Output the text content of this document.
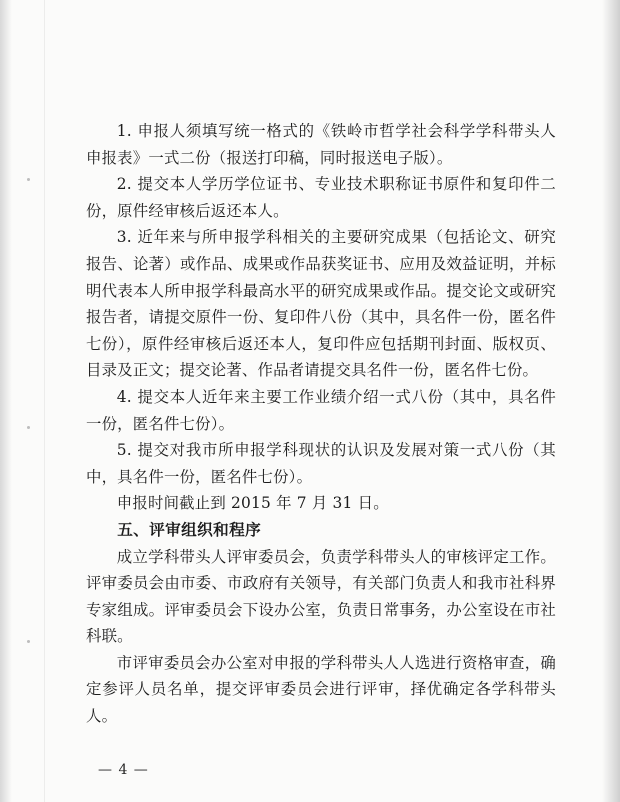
1. 申报人须填写统一格式的《铁岭市哲学社会科学学科带头人申报表》一式二份（报送打印稿，同时报送电子版）。

2. 提交本人学历学位证书、专业技术职称证书原件和复印件二份，原件经审核后返还本人。

3. 近年来与所申报学科相关的主要研究成果（包括论文、研究报告、论著）或作品、成果或作品获奖证书、应用及效益证明，并标明代表本人所申报学科最高水平的研究成果或作品。提交论文或研究报告者，请提交原件一份、复印件八份（其中，具名件一份，匿名件七份），原件经审核后返还本人，复印件应包括期刊封面、版权页、目录及正文；提交论著、作品者请提交具名件一份，匿名件七份。

4. 提交本人近年来主要工作业绩介绍一式八份（其中，具名件一份，匿名件七份）。

5. 提交对我市所申报学科现状的认识及发展对策一式八份（其中，具名件一份，匿名件七份）。

申报时间截止到 2015 年 7 月 31 日。

五、评审组织和程序

成立学科带头人评审委员会，负责学科带头人的审核评定工作。评审委员会由市委、市政府有关领导，有关部门负责人和我市社科界专家组成。评审委员会下设办公室，负责日常事务，办公室设在市社科联。

市评审委员会办公室对申报的学科带头人人选进行资格审查，确定参评人员名单，提交评审委员会进行评审，择优确定各学科带头人。

— 4 —
